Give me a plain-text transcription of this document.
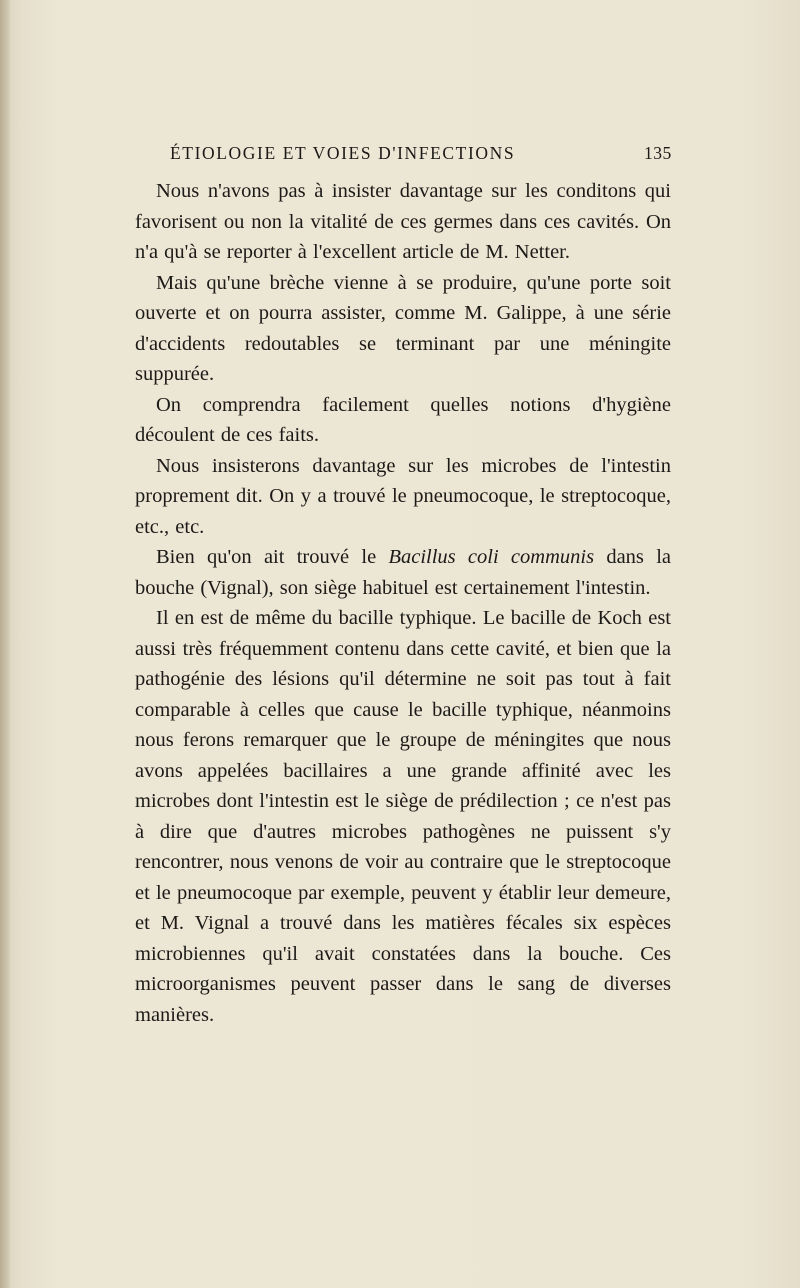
ÉTIOLOGIE ET VOIES D'INFECTIONS	135

Nous n'avons pas à insister davantage sur les conditons qui favorisent ou non la vitalité de ces germes dans ces cavités. On n'a qu'à se reporter à l'excellent article de M. Netter.

Mais qu'une brèche vienne à se produire, qu'une porte soit ouverte et on pourra assister, comme M. Galippe, à une série d'accidents redoutables se terminant par une méningite suppurée.

On comprendra facilement quelles notions d'hygiène découlent de ces faits.

Nous insisterons davantage sur les microbes de l'intestin proprement dit. On y a trouvé le pneumocoque, le streptocoque, etc., etc.

Bien qu'on ait trouvé le Bacillus coli communis dans la bouche (Vignal), son siège habituel est certainement l'intestin.

Il en est de même du bacille typhique. Le bacille de Koch est aussi très fréquemment contenu dans cette cavité, et bien que la pathogénie des lésions qu'il détermine ne soit pas tout à fait comparable à celles que cause le bacille typhique, néanmoins nous ferons remarquer que le groupe de méningites que nous avons appelées bacillaires a une grande affinité avec les microbes dont l'intestin est le siège de prédilection ; ce n'est pas à dire que d'autres microbes pathogènes ne puissent s'y rencontrer, nous venons de voir au contraire que le streptocoque et le pneumocoque par exemple, peuvent y établir leur demeure, et M. Vignal a trouvé dans les matières fécales six espèces microbiennes qu'il avait constatées dans la bouche. Ces microorganismes peuvent passer dans le sang de diverses manières.
